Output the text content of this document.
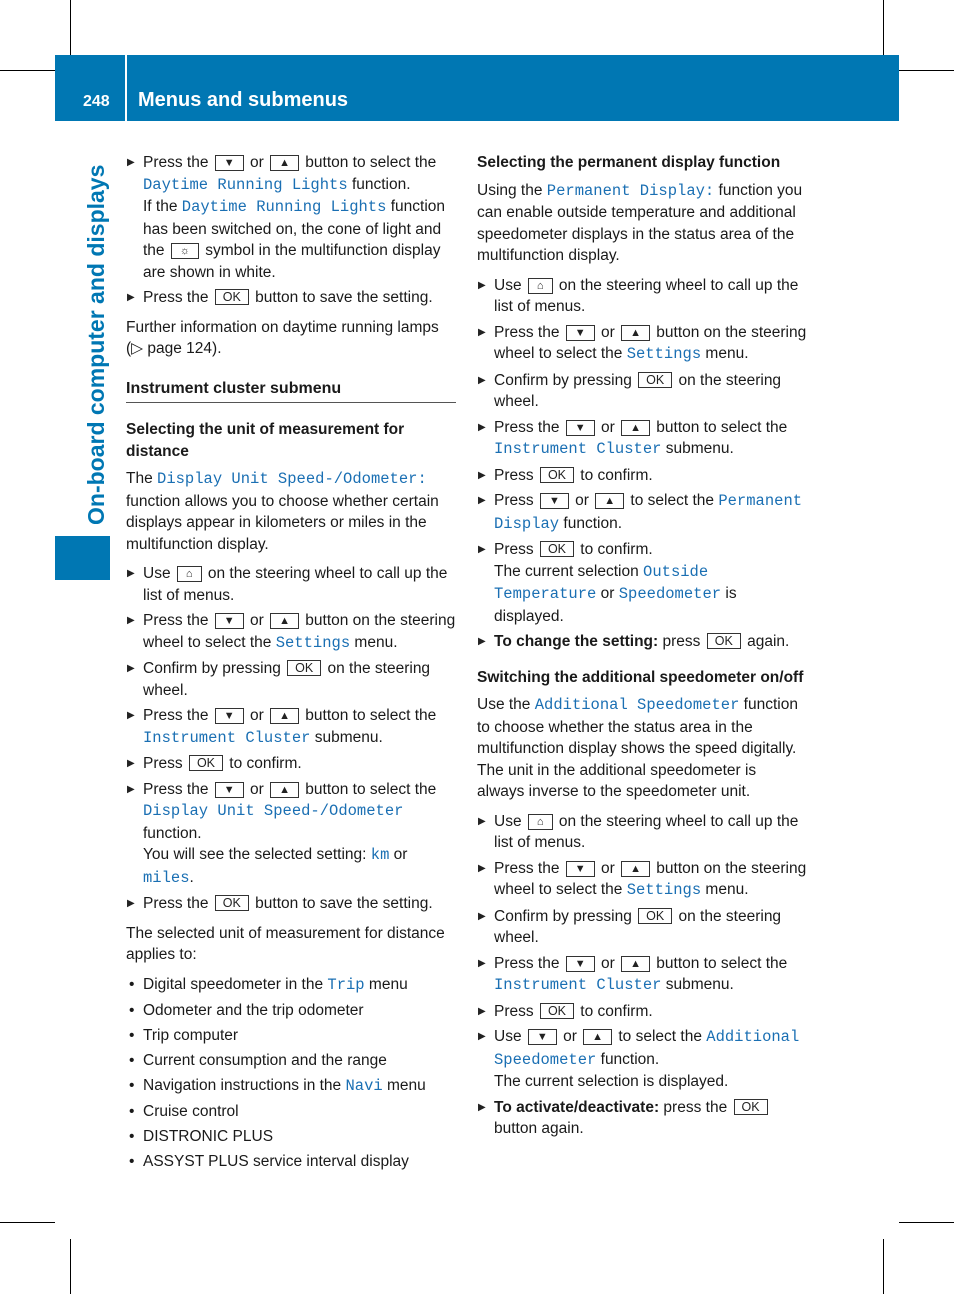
248 Menus and submenus
On-board computer and displays
▶ Press the ▼ or ▲ button to select the Daytime Running Lights function.
If the Daytime Running Lights function has been switched on, the cone of light and the ☼ symbol in the multifunction display are shown in white.
▶ Press the OK button to save the setting.

Further information on daytime running lamps (▷ page 124).

Instrument cluster submenu
Selecting the unit of measurement for distance

The Display Unit Speed-/Odometer: function allows you to choose whether certain displays appear in kilometers or miles in the multifunction display.

▶ Use ⌂ on the steering wheel to call up the list of menus.
▶ Press the ▼ or ▲ button on the steering wheel to select the Settings menu.
▶ Confirm by pressing OK on the steering wheel.
▶ Press the ▼ or ▲ button to select the Instrument Cluster submenu.
▶ Press OK to confirm.
▶ Press the ▼ or ▲ button to select the Display Unit Speed-/Odometer function.
You will see the selected setting: km or miles.
▶ Press the OK button to save the setting.

The selected unit of measurement for distance applies to:

• Digital speedometer in the Trip menu
• Odometer and the trip odometer
• Trip computer
• Current consumption and the range
• Navigation instructions in the Navi menu
• Cruise control
• DISTRONIC PLUS
• ASSYST PLUS service interval display
Selecting the permanent display function

Using the Permanent Display: function you can enable outside temperature and additional speedometer displays in the status area of the multifunction display.

▶ Use ⌂ on the steering wheel to call up the list of menus.
▶ Press the ▼ or ▲ button on the steering wheel to select the Settings menu.
▶ Confirm by pressing OK on the steering wheel.
▶ Press the ▼ or ▲ button to select the Instrument Cluster submenu.
▶ Press OK to confirm.
▶ Press ▼ or ▲ to select the Permanent Display function.
▶ Press OK to confirm.
The current selection Outside Temperature or Speedometer is displayed.
▶ To change the setting: press OK again.
Switching the additional speedometer on/off

Use the Additional Speedometer function to choose whether the status area in the multifunction display shows the speed digitally. The unit in the additional speedometer is always inverse to the speedometer unit.

▶ Use ⌂ on the steering wheel to call up the list of menus.
▶ Press the ▼ or ▲ button on the steering wheel to select the Settings menu.
▶ Confirm by pressing OK on the steering wheel.
▶ Press the ▼ or ▲ button to select the Instrument Cluster submenu.
▶ Press OK to confirm.
▶ Use ▼ or ▲ to select the Additional Speedometer function.
The current selection is displayed.
▶ To activate/deactivate: press the OK button again.
